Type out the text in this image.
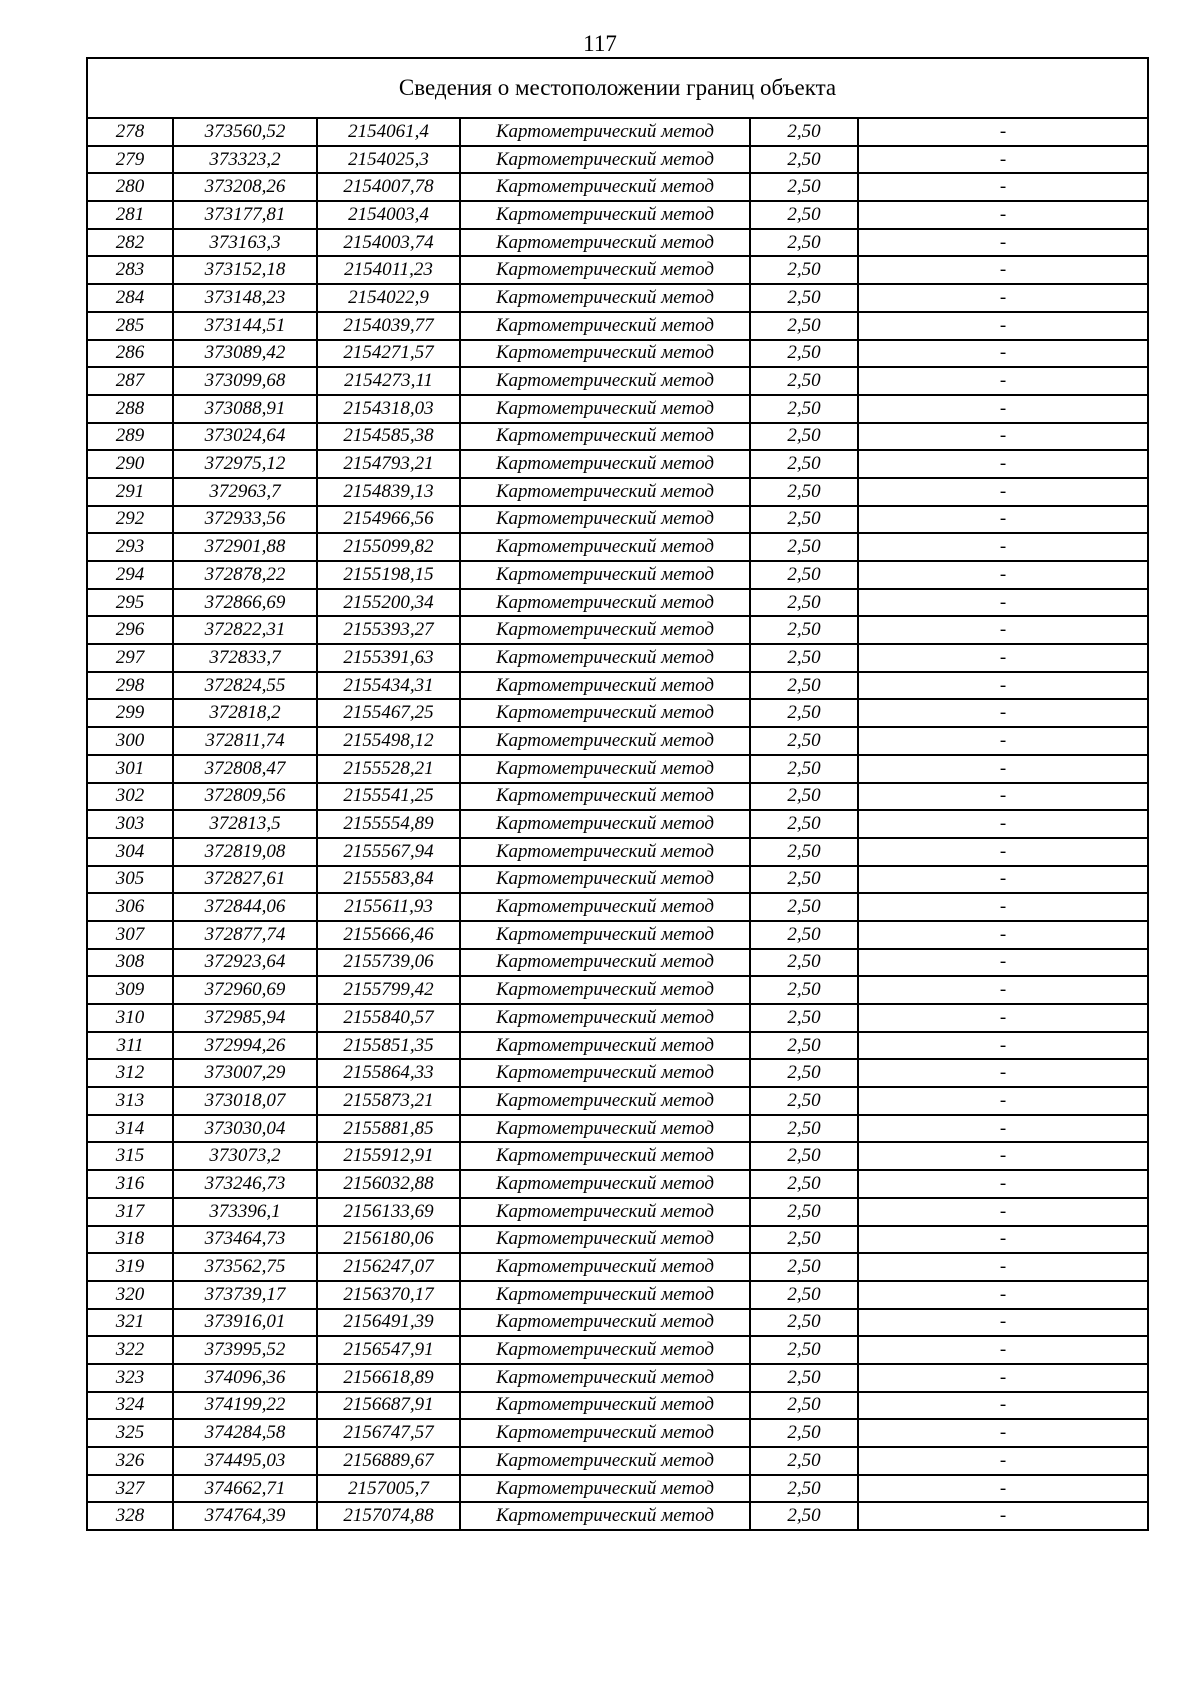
117
Сведения о местоположении границ объекта
278	373560,52	2154061,4	Картометрический метод	2,50	-
279	373323,2	2154025,3	Картометрический метод	2,50	-
280	373208,26	2154007,78	Картометрический метод	2,50	-
281	373177,81	2154003,4	Картометрический метод	2,50	-
282	373163,3	2154003,74	Картометрический метод	2,50	-
283	373152,18	2154011,23	Картометрический метод	2,50	-
284	373148,23	2154022,9	Картометрический метод	2,50	-
285	373144,51	2154039,77	Картометрический метод	2,50	-
286	373089,42	2154271,57	Картометрический метод	2,50	-
287	373099,68	2154273,11	Картометрический метод	2,50	-
288	373088,91	2154318,03	Картометрический метод	2,50	-
289	373024,64	2154585,38	Картометрический метод	2,50	-
290	372975,12	2154793,21	Картометрический метод	2,50	-
291	372963,7	2154839,13	Картометрический метод	2,50	-
292	372933,56	2154966,56	Картометрический метод	2,50	-
293	372901,88	2155099,82	Картометрический метод	2,50	-
294	372878,22	2155198,15	Картометрический метод	2,50	-
295	372866,69	2155200,34	Картометрический метод	2,50	-
296	372822,31	2155393,27	Картометрический метод	2,50	-
297	372833,7	2155391,63	Картометрический метод	2,50	-
298	372824,55	2155434,31	Картометрический метод	2,50	-
299	372818,2	2155467,25	Картометрический метод	2,50	-
300	372811,74	2155498,12	Картометрический метод	2,50	-
301	372808,47	2155528,21	Картометрический метод	2,50	-
302	372809,56	2155541,25	Картометрический метод	2,50	-
303	372813,5	2155554,89	Картометрический метод	2,50	-
304	372819,08	2155567,94	Картометрический метод	2,50	-
305	372827,61	2155583,84	Картометрический метод	2,50	-
306	372844,06	2155611,93	Картометрический метод	2,50	-
307	372877,74	2155666,46	Картометрический метод	2,50	-
308	372923,64	2155739,06	Картометрический метод	2,50	-
309	372960,69	2155799,42	Картометрический метод	2,50	-
310	372985,94	2155840,57	Картометрический метод	2,50	-
311	372994,26	2155851,35	Картометрический метод	2,50	-
312	373007,29	2155864,33	Картометрический метод	2,50	-
313	373018,07	2155873,21	Картометрический метод	2,50	-
314	373030,04	2155881,85	Картометрический метод	2,50	-
315	373073,2	2155912,91	Картометрический метод	2,50	-
316	373246,73	2156032,88	Картометрический метод	2,50	-
317	373396,1	2156133,69	Картометрический метод	2,50	-
318	373464,73	2156180,06	Картометрический метод	2,50	-
319	373562,75	2156247,07	Картометрический метод	2,50	-
320	373739,17	2156370,17	Картометрический метод	2,50	-
321	373916,01	2156491,39	Картометрический метод	2,50	-
322	373995,52	2156547,91	Картометрический метод	2,50	-
323	374096,36	2156618,89	Картометрический метод	2,50	-
324	374199,22	2156687,91	Картометрический метод	2,50	-
325	374284,58	2156747,57	Картометрический метод	2,50	-
326	374495,03	2156889,67	Картометрический метод	2,50	-
327	374662,71	2157005,7	Картометрический метод	2,50	-
328	374764,39	2157074,88	Картометрический метод	2,50	-
